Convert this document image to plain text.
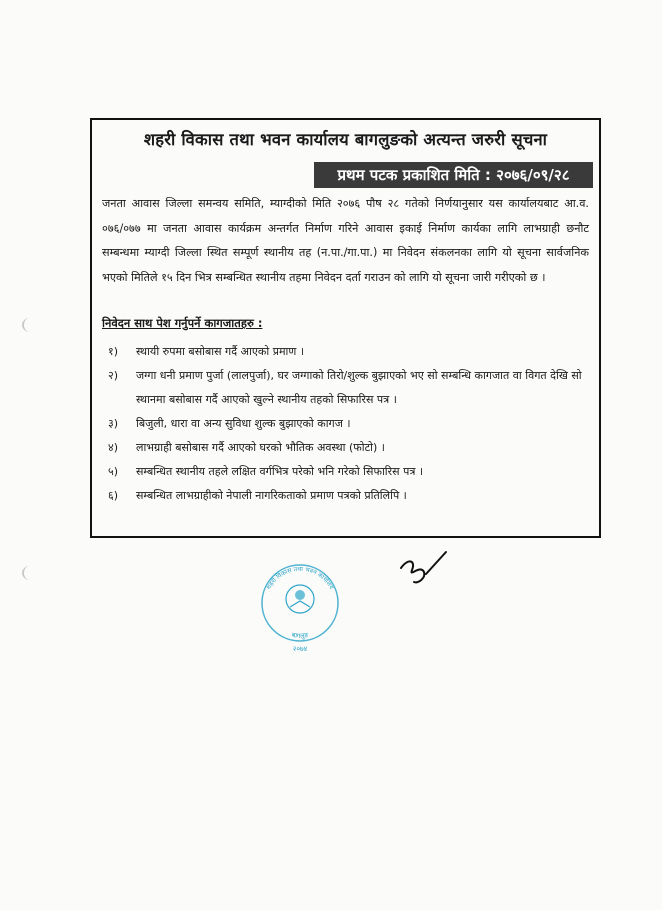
शहरी विकास तथा भवन कार्यालय बागलुङको अत्यन्त जरुरी सूचना
प्रथम पटक प्रकाशित मिति : २०७६/०९/२८
जनता आवास जिल्ला समन्वय समिति, म्याग्दीको मिति २०७६ पौष २८ गतेको निर्णयानुसार यस कार्यालयबाट आ.व. ०७६/०७७ मा जनता आवास कार्यक्रम अन्तर्गत निर्माण गरिने आवास इकाई निर्माण कार्यका लागि लाभग्राही छनौट सम्बन्धमा म्याग्दी जिल्ला स्थित सम्पूर्ण स्थानीय तह (न.पा./गा.पा.) मा निवेदन संकलनका लागि यो सूचना सार्वजनिक भएको मितिले १५ दिन भित्र सम्बन्धित स्थानीय तहमा निवेदन दर्ता गराउन को लागि यो सूचना जारी गरीएको छ ।
निवेदन साथ पेश गर्नुपर्ने कागजातहरु :
१) स्थायी रुपमा बसोबास गर्दै आएको प्रमाण ।
२) जग्गा धनी प्रमाण पुर्जा (लालपुर्जा), घर जग्गाको तिरो/शुल्क बुझाएको भए सो सम्बन्धि कागजात वा विगत देखि सो स्थानमा बसोबास गर्दै आएको खुल्ने स्थानीय तहको सिफारिस पत्र ।
३) बिजुली, धारा वा अन्य सुविधा शुल्क बुझाएको कागज ।
४) लाभग्राही बसोबास गर्दै आएको घरको भौतिक अवस्था (फोटो) ।
५) सम्बन्धित स्थानीय तहले लक्षित वर्गभित्र परेको भनि गरेको सिफारिस पत्र ।
६) सम्बन्धित लाभग्राहीको नेपाली नागरिकताको प्रमाण पत्रको प्रतिलिपि ।
शहरी विकास तथा भवन कार्यालय
बागलुङ
२०७४
